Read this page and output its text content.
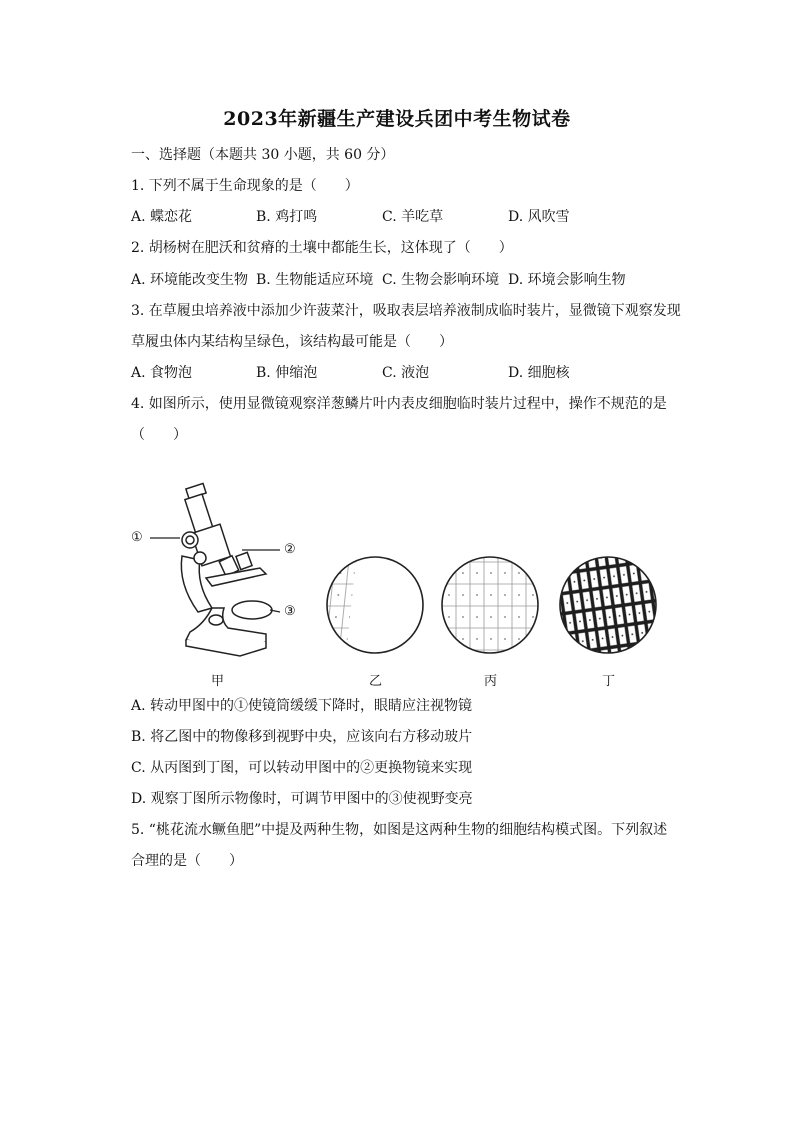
2023年新疆生产建设兵团中考生物试卷
一、选择题（本题共 30 小题，共 60 分）
1. 下列不属于生命现象的是（　　）
A. 蝶恋花	B. 鸡打鸣	C. 羊吃草	D. 风吹雪
2. 胡杨树在肥沃和贫瘠的土壤中都能生长，这体现了（　　）
A. 环境能改变生物 B. 生物能适应环境 C. 生物会影响环境 D. 环境会影响生物
3. 在草履虫培养液中添加少许菠菜汁，吸取表层培养液制成临时装片，显微镜下观察发现
草履虫体内某结构呈绿色，该结构最可能是（　　）
A. 食物泡	B. 伸缩泡	C. 液泡	D. 细胞核
4. 如图所示，使用显微镜观察洋葱鳞片叶内表皮细胞临时装片过程中，操作不规范的是
（　　）
①
②
③
甲	乙	丙	丁
A. 转动甲图中的①使镜筒缓缓下降时，眼睛应注视物镜
B. 将乙图中的物像移到视野中央，应该向右方移动玻片
C. 从丙图到丁图，可以转动甲图中的②更换物镜来实现
D. 观察丁图所示物像时，可调节甲图中的③使视野变亮
5. “桃花流水鳜鱼肥”中提及两种生物，如图是这两种生物的细胞结构模式图。下列叙述
合理的是（　　）
